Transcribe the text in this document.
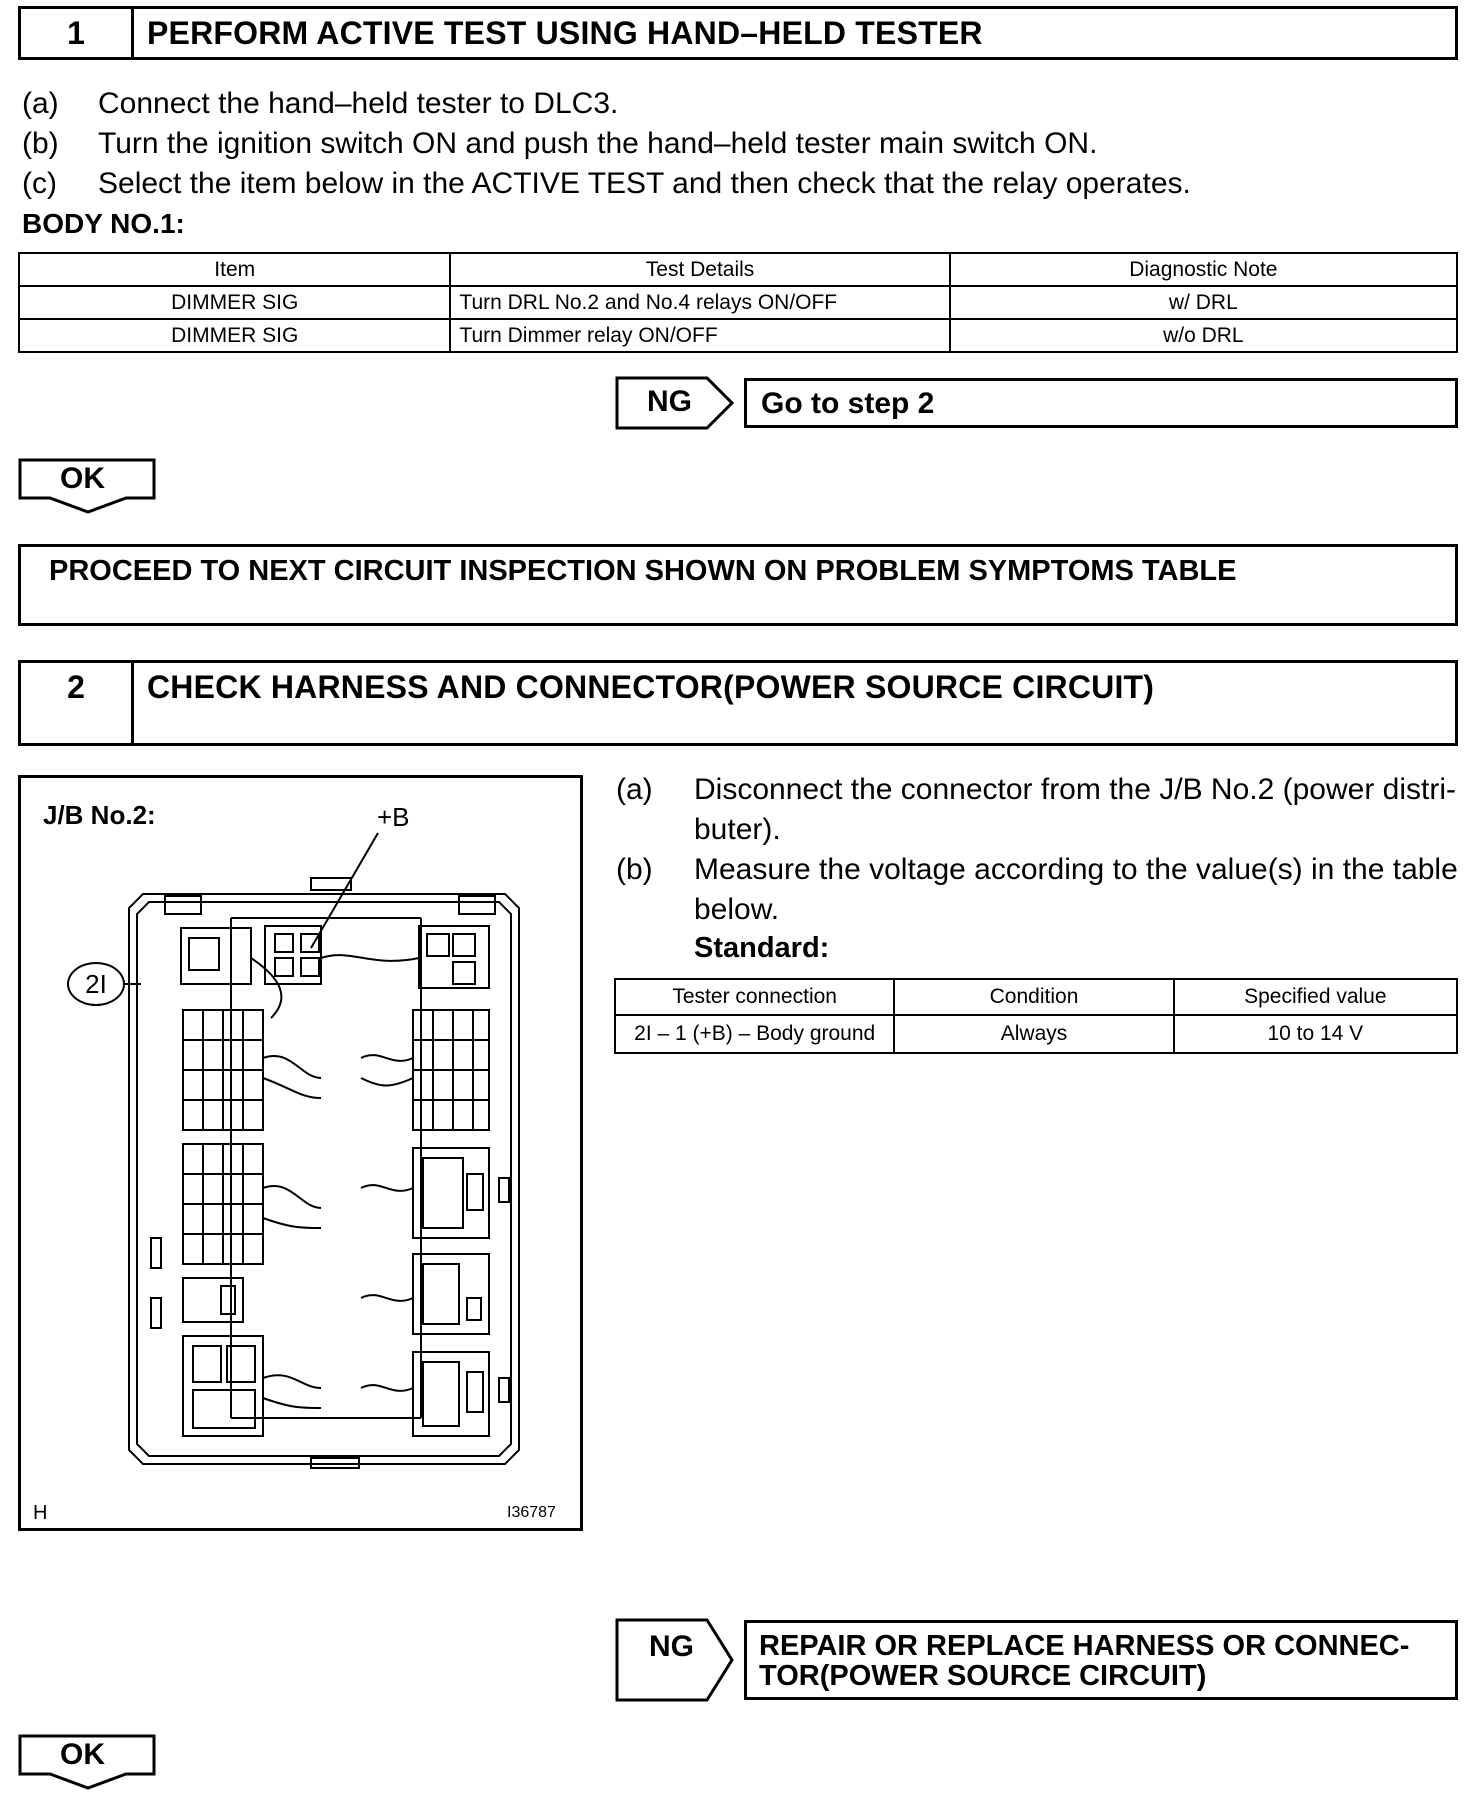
1	PERFORM ACTIVE TEST USING HAND–HELD TESTER
(a) Connect the hand–held tester to DLC3.
(b) Turn the ignition switch ON and push the hand–held tester main switch ON.
(c) Select the item below in the ACTIVE TEST and then check that the relay operates.
BODY NO.1:
Item	Test Details	Diagnostic Note
DIMMER SIG	Turn DRL No.2 and No.4 relays ON/OFF	w/ DRL
DIMMER SIG	Turn Dimmer relay ON/OFF	w/o DRL
NG Go to step 2
OK
PROCEED TO NEXT CIRCUIT INSPECTION SHOWN ON PROBLEM SYMPTOMS TABLE
2	CHECK HARNESS AND CONNECTOR(POWER SOURCE CIRCUIT)
J/B No.2:	+B
2I
H	I36787
(a) Disconnect the connector from the J/B No.2 (power distri-
buter).
(b) Measure the voltage according to the value(s) in the table
below.
Standard:
Tester connection	Condition	Specified value
2I – 1 (+B) – Body ground	Always	10 to 14 V
NG REPAIR OR REPLACE HARNESS OR CONNEC-
TOR(POWER SOURCE CIRCUIT)
OK
